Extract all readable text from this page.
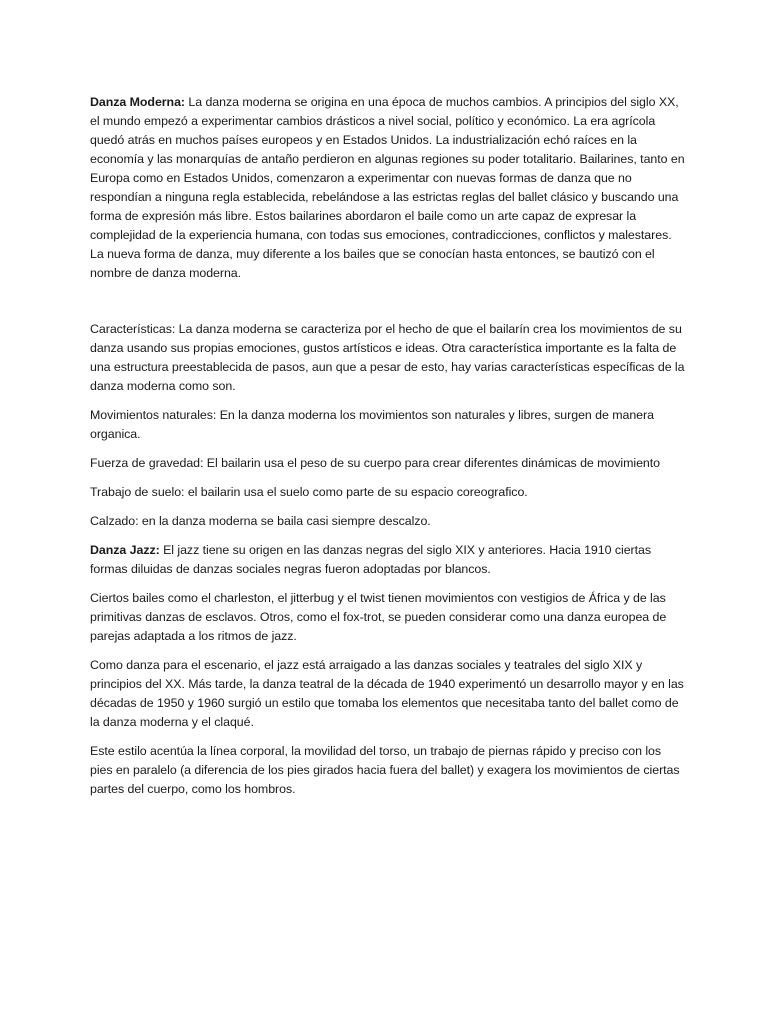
Danza Moderna: La danza moderna se origina en una época de muchos cambios. A principios del siglo XX, el mundo empezó a experimentar cambios drásticos a nivel social, político y económico. La era agrícola quedó atrás en muchos países europeos y en Estados Unidos. La industrialización echó raíces en la economía y las monarquías de antaño perdieron en algunas regiones su poder totalitario. Bailarines, tanto en Europa como en Estados Unidos, comenzaron a experimentar con nuevas formas de danza que no respondían a ninguna regla establecida, rebelándose a las estrictas reglas del ballet clásico y buscando una forma de expresión más libre. Estos bailarines abordaron el baile como un arte capaz de expresar la complejidad de la experiencia humana, con todas sus emociones, contradicciones, conflictos y malestares. La nueva forma de danza, muy diferente a los bailes que se conocían hasta entonces, se bautizó con el nombre de danza moderna.

Características: La danza moderna se caracteriza por el hecho de que el bailarín crea los movimientos de su danza usando sus propias emociones, gustos artísticos e ideas. Otra característica importante es la falta de una estructura preestablecida de pasos, aun que a pesar de esto, hay varias características específicas de la danza moderna como son.

Movimientos naturales: En la danza moderna los movimientos son naturales y libres, surgen de manera organica.

Fuerza de gravedad: El bailarin usa el peso de su cuerpo para crear diferentes dinámicas de movimiento

Trabajo de suelo: el bailarin usa el suelo como parte de su espacio coreografico.

Calzado: en la danza moderna se baila casi siempre descalzo.

Danza Jazz: El jazz tiene su origen en las danzas negras del siglo XIX y anteriores. Hacia 1910 ciertas formas diluidas de danzas sociales negras fueron adoptadas por blancos.

Ciertos bailes como el charleston, el jitterbug y el twist tienen movimientos con vestigios de África y de las primitivas danzas de esclavos. Otros, como el fox-trot, se pueden considerar como una danza europea de parejas adaptada a los ritmos de jazz.

Como danza para el escenario, el jazz está arraigado a las danzas sociales y teatrales del siglo XIX y principios del XX. Más tarde, la danza teatral de la década de 1940 experimentó un desarrollo mayor y en las décadas de 1950 y 1960 surgió un estilo que tomaba los elementos que necesitaba tanto del ballet como de la danza moderna y el claqué.

Este estilo acentúa la línea corporal, la movilidad del torso, un trabajo de piernas rápido y preciso con los pies en paralelo (a diferencia de los pies girados hacia fuera del ballet) y exagera los movimientos de ciertas partes del cuerpo, como los hombros.
